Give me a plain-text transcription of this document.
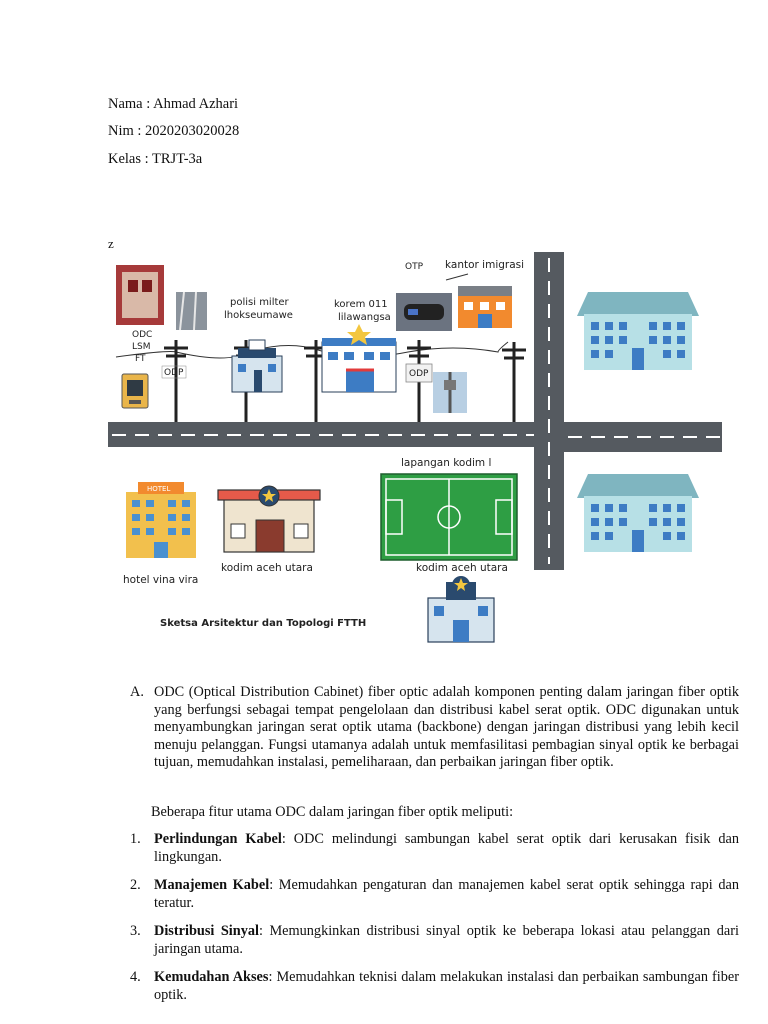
Nama : Ahmad Azhari
Nim : 2020203020028
Kelas : TRJT-3a
z
ODC
LSM
FT
ODP
polisi milter
lhokseumawe
korem 011
lilawangsa
ODP
OTP kantor imigrasi
HOTEL
hotel vina vira
kodim aceh utara
lapangan kodim l
kodim aceh utara
Sketsa Arsitektur dan Topologi FTTH
A. ODC (Optical Distribution Cabinet) fiber optic adalah komponen penting dalam jaringan fiber optik yang berfungsi sebagai tempat pengelolaan dan distribusi kabel serat optik. ODC digunakan untuk menyambungkan jaringan serat optik utama (backbone) dengan jaringan distribusi yang lebih kecil menuju pelanggan. Fungsi utamanya adalah untuk memfasilitasi pembagian sinyal optik ke berbagai tujuan, memudahkan instalasi, pemeliharaan, dan perbaikan jaringan fiber optik.
Beberapa fitur utama ODC dalam jaringan fiber optik meliputi:
1. Perlindungan Kabel: ODC melindungi sambungan kabel serat optik dari kerusakan fisik dan lingkungan.
2. Manajemen Kabel: Memudahkan pengaturan dan manajemen kabel serat optik sehingga rapi dan teratur.
3. Distribusi Sinyal: Memungkinkan distribusi sinyal optik ke beberapa lokasi atau pelanggan dari jaringan utama.
4. Kemudahan Akses: Memudahkan teknisi dalam melakukan instalasi dan perbaikan sambungan fiber optik.
